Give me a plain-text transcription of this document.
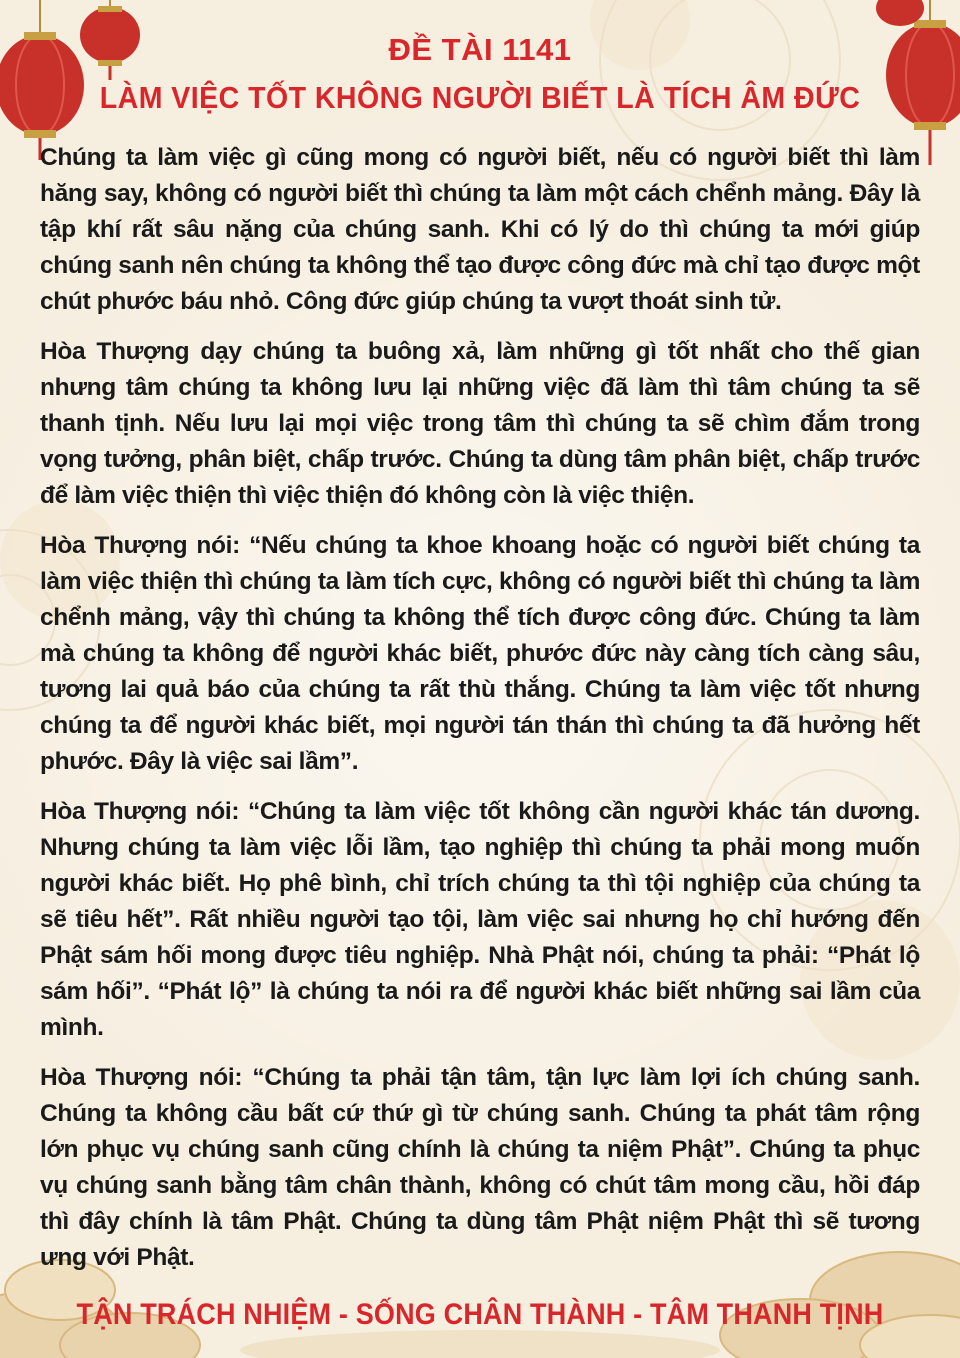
ĐỀ TÀI 1141
LÀM VIỆC TỐT KHÔNG NGƯỜI BIẾT LÀ TÍCH ÂM ĐỨC

Chúng ta làm việc gì cũng mong có người biết, nếu có người biết thì làm hăng say, không có người biết thì chúng ta làm một cách chểnh mảng. Đây là tập khí rất sâu nặng của chúng sanh. Khi có lý do thì chúng ta mới giúp chúng sanh nên chúng ta không thể tạo được công đức mà chỉ tạo được một chút phước báu nhỏ. Công đức giúp chúng ta vượt thoát sinh tử.

Hòa Thượng dạy chúng ta buông xả, làm những gì tốt nhất cho thế gian nhưng tâm chúng ta không lưu lại những việc đã làm thì tâm chúng ta sẽ thanh tịnh. Nếu lưu lại mọi việc trong tâm thì chúng ta sẽ chìm đắm trong vọng tưởng, phân biệt, chấp trước. Chúng ta dùng tâm phân biệt, chấp trước để làm việc thiện thì việc thiện đó không còn là việc thiện.

Hòa Thượng nói: “Nếu chúng ta khoe khoang hoặc có người biết chúng ta làm việc thiện thì chúng ta làm tích cực, không có người biết thì chúng ta làm chểnh mảng, vậy thì chúng ta không thể tích được công đức. Chúng ta làm mà chúng ta không để người khác biết, phước đức này càng tích càng sâu, tương lai quả báo của chúng ta rất thù thắng. Chúng ta làm việc tốt nhưng chúng ta để người khác biết, mọi người tán thán thì chúng ta đã hưởng hết phước. Đây là việc sai lầm”.

Hòa Thượng nói: “Chúng ta làm việc tốt không cần người khác tán dương. Nhưng chúng ta làm việc lỗi lầm, tạo nghiệp thì chúng ta phải mong muốn người khác biết. Họ phê bình, chỉ trích chúng ta thì tội nghiệp của chúng ta sẽ tiêu hết”. Rất nhiều người tạo tội, làm việc sai nhưng họ chỉ hướng đến Phật sám hối mong được tiêu nghiệp. Nhà Phật nói, chúng ta phải: “Phát lộ sám hối”. “Phát lộ” là chúng ta nói ra để người khác biết những sai lầm của mình.

Hòa Thượng nói: “Chúng ta phải tận tâm, tận lực làm lợi ích chúng sanh. Chúng ta không cầu bất cứ thứ gì từ chúng sanh. Chúng ta phát tâm rộng lớn phục vụ chúng sanh cũng chính là chúng ta niệm Phật”. Chúng ta phục vụ chúng sanh bằng tâm chân thành, không có chút tâm mong cầu, hồi đáp thì đây chính là tâm Phật. Chúng ta dùng tâm Phật niệm Phật thì sẽ tương ưng với Phật.

TẬN TRÁCH NHIỆM - SỐNG CHÂN THÀNH - TÂM THANH TỊNH
